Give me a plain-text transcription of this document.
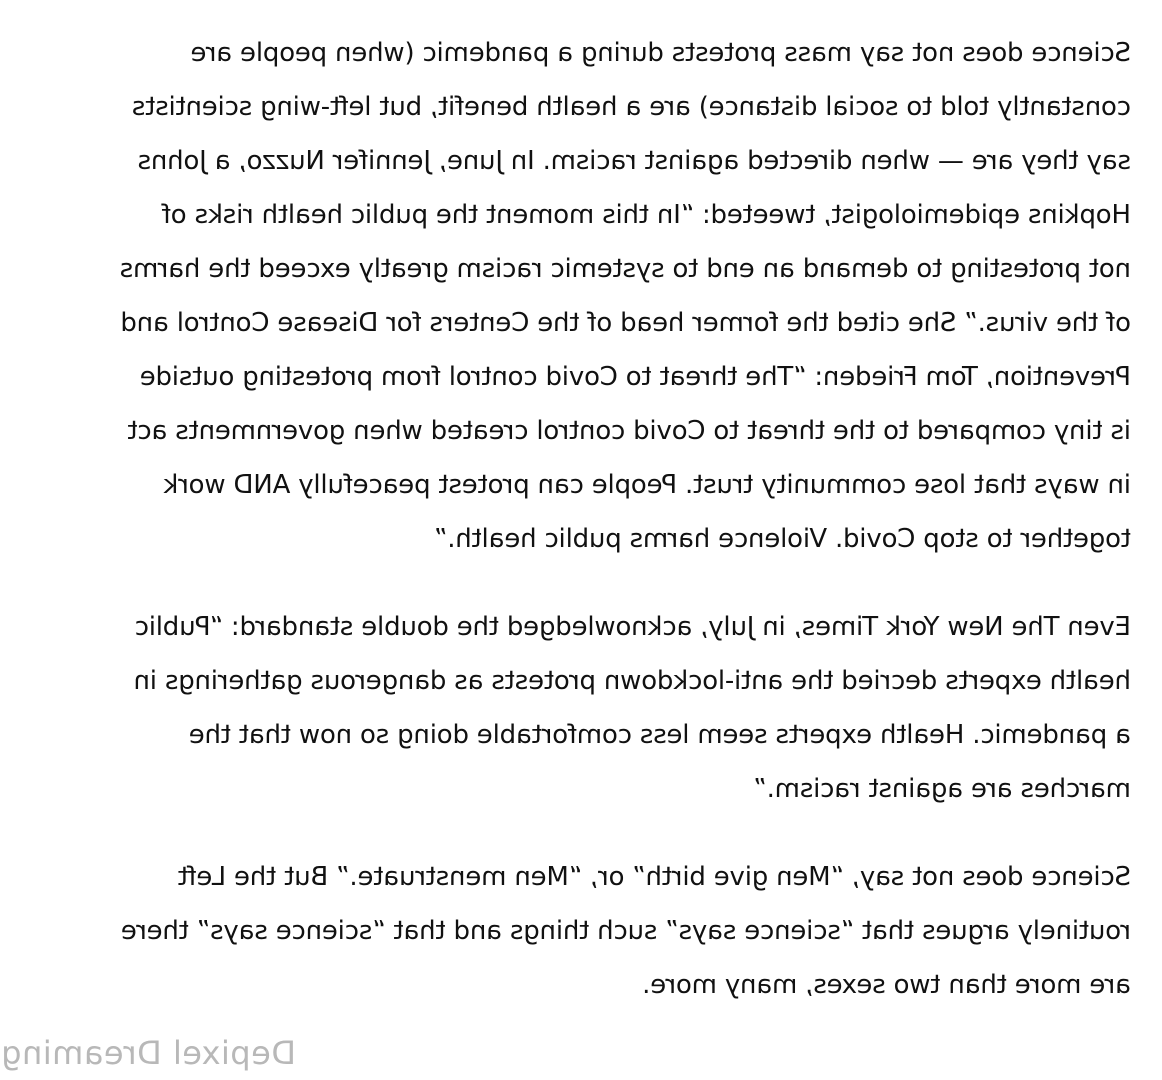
Science does not say mass protests during a pandemic (when people are
constantly told to social distance) are a health benefit, but left-wing scientists
say they are — when directed against racism. In June, Jennifer Nuzzo, a Johns
Hopkins epidemiologist, tweeted: “In this moment the public health risks of
not protesting to demand an end to systemic racism greatly exceed the harms
of the virus.” She cited the former head of the Centers for Disease Control and
Prevention, Tom Frieden: “The threat to Covid control from protesting outside
is tiny compared to the threat to Covid control created when governments act
in ways that lose community trust. People can protest peacefully AND work
together to stop Covid. Violence harms public health.”

Even The New York Times, in July, acknowledged the double standard: “Public
health experts decried the anti-lockdown protests as dangerous gatherings in
a pandemic. Health experts seem less comfortable doing so now that the
marches are against racism.”

Science does not say, “Men give birth” or, “Men menstruate.” But the Left
routinely argues that “science says” such things and that “science says” there
are more than two sexes, many more.

Depixel Dreaming
